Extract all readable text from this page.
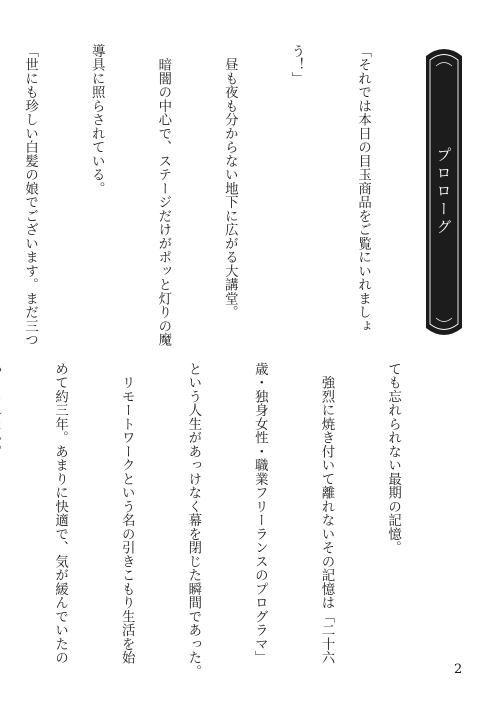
プロローグ

「それでは本日の目玉商品をご覧にいれましょ

う！」

　昼も夜も分からない地下に広がる大講堂。

　暗闇の中心で、ステージだけがポッと灯りの魔

導具に照らされている。

「世にも珍しい白髪の娘でございます。まだ三つ

ても忘れられない最期の記憶。

　強烈に焼き付いて離れないその記憶は「二十六

歳・独身女性・職業フリーランスのプログラマ」

という人生があっけなく幕を閉じた瞬間であった。

　リモートワークという名の引きこもり生活を始

めて約三年。あまりに快適で、気が緩んでいたの

2
